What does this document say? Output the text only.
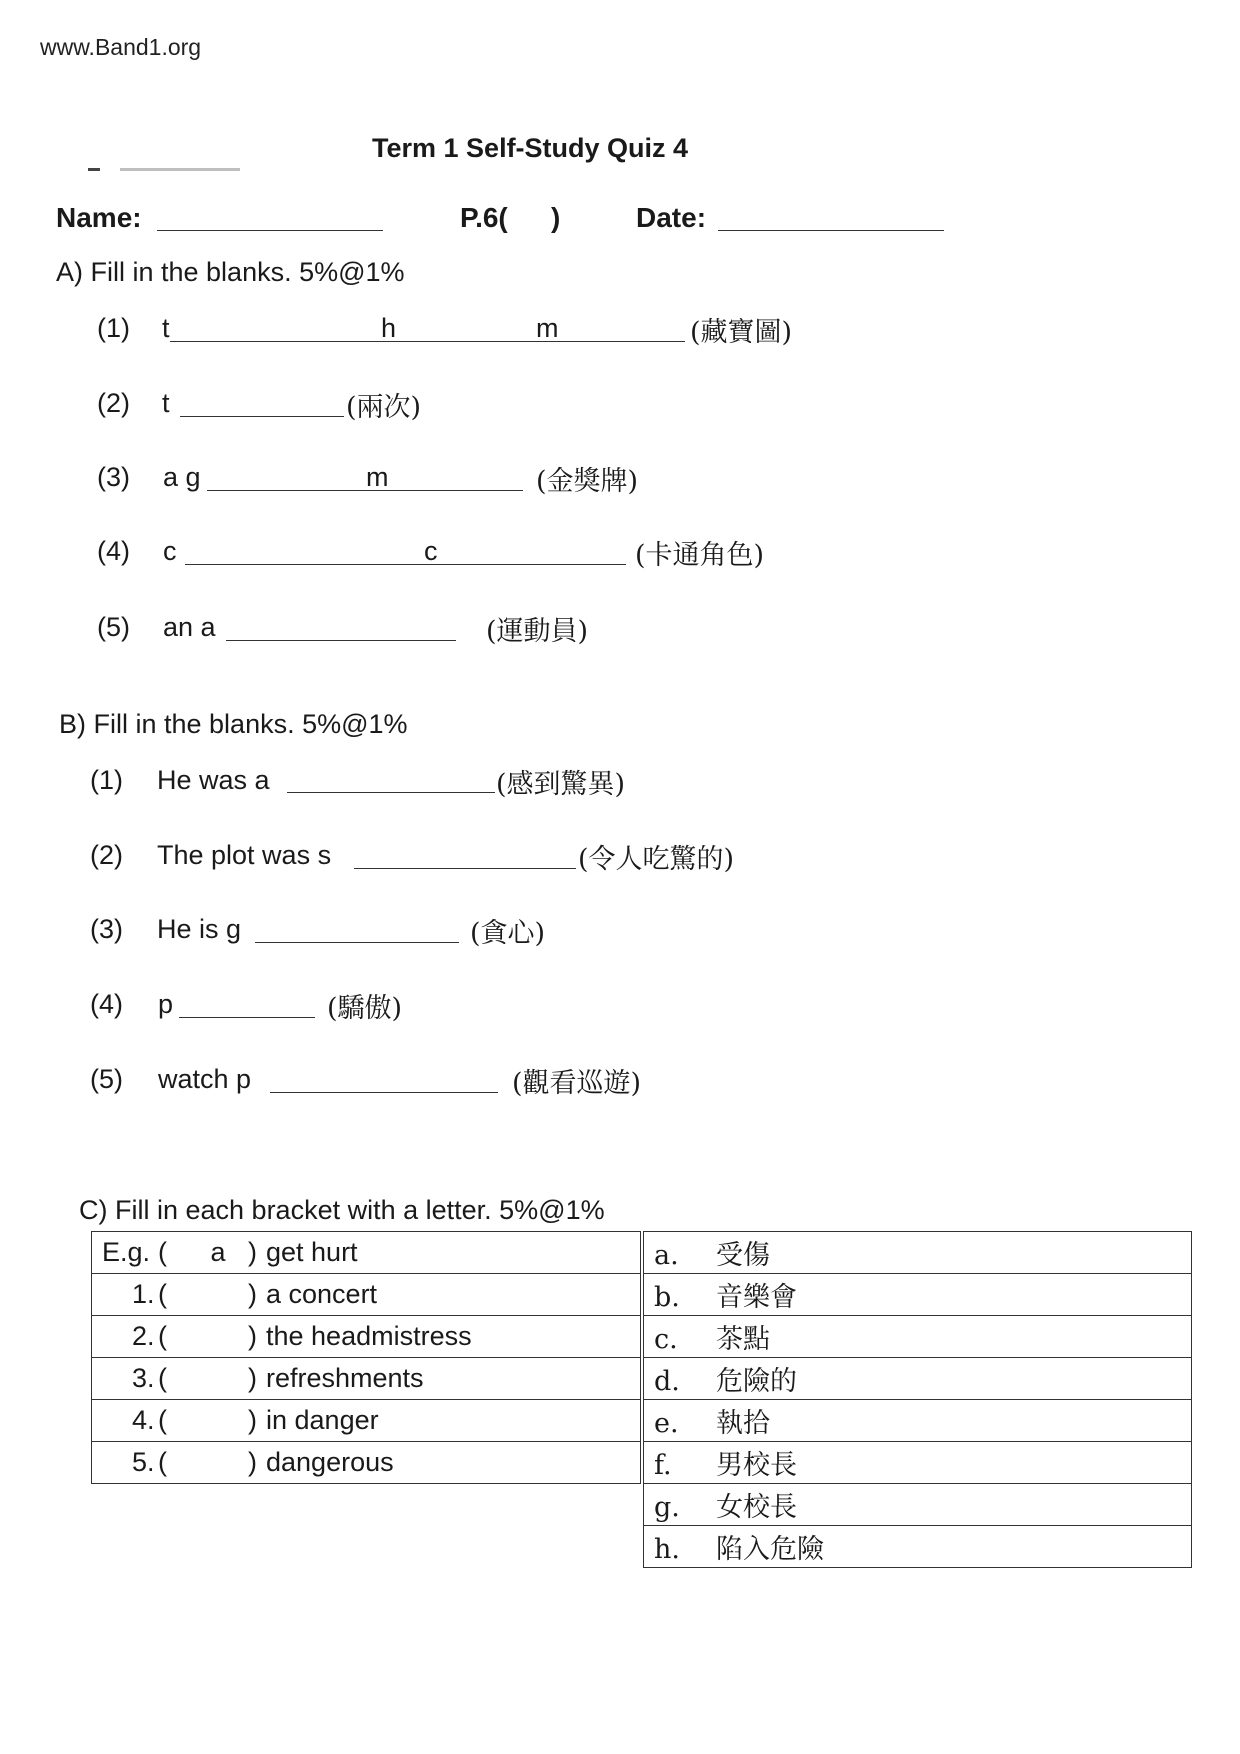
www.Band1.org
Term 1 Self-Study Quiz 4
Name:	P.6( )	Date:
A) Fill in the blanks. 5%@1%
(1) t	h	m	(藏寶圖)
(2) t	(兩次)
(3) a g	m	(金獎牌)
(4) c	c	(卡通角色)
(5) an a	(運動員)
B) Fill in the blanks. 5%@1%
(1) He was a	(感到驚異)
(2) The plot was s	(令人吃驚的)
(3) He is g	(貪心)
(4) p	(驕傲)
(5) watch p	(觀看巡遊)
C) Fill in each bracket with a letter. 5%@1%
E.g. ( a ) get hurt
1. (	) a concert
2. (	) the headmistress
3. (	) refreshments
4. (	) in danger
5. (	) dangerous
a. 受傷
b. 音樂會
c. 茶點
d. 危險的
e. 執拾
f. 男校長
g. 女校長
h. 陷入危險
